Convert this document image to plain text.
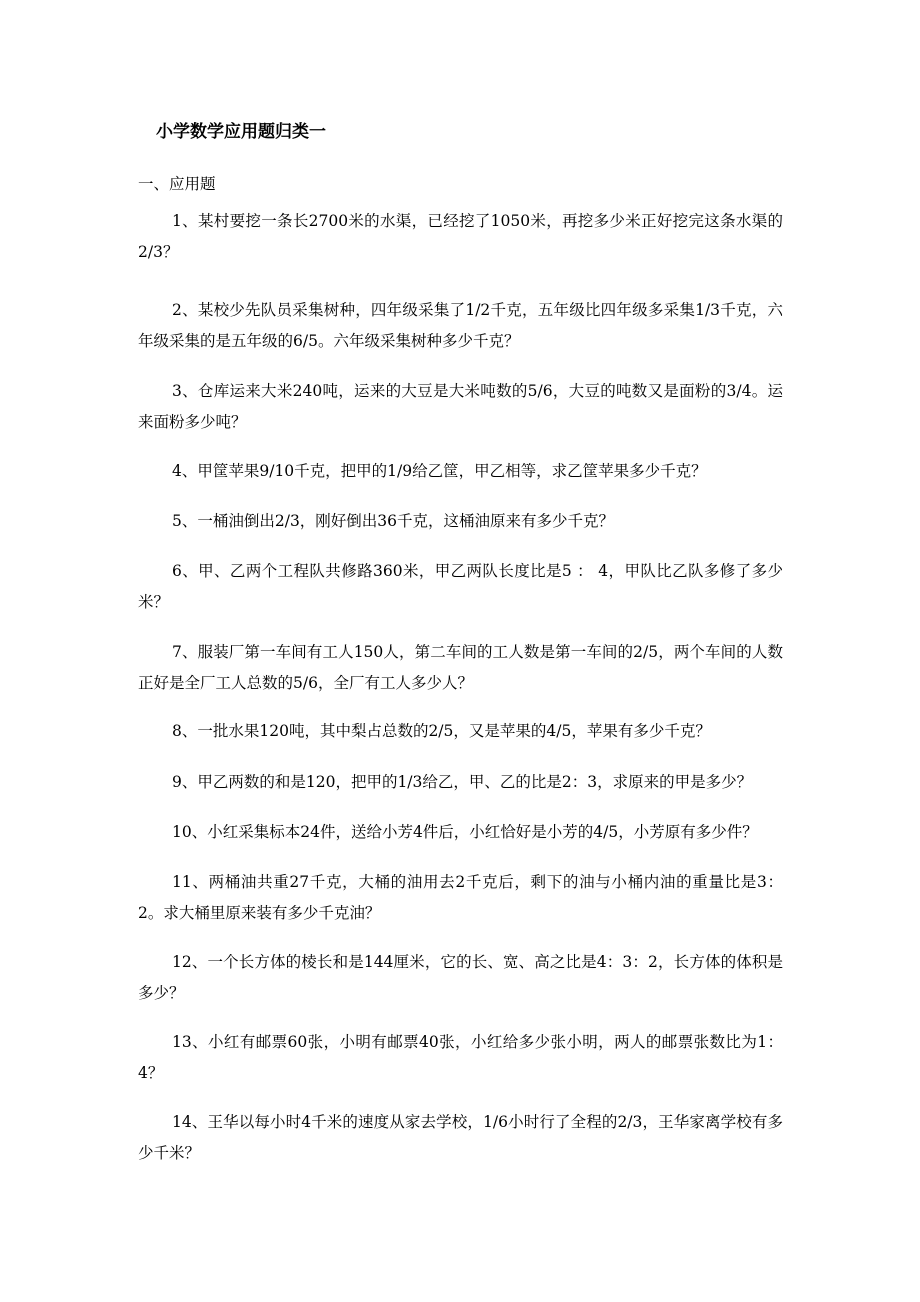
小学数学应用题归类一
一、应用题

1、某村要挖一条长2700米的水渠，已经挖了1050米，再挖多少米正好挖完这条水渠的2/3？

2、某校少先队员采集树种，四年级采集了1/2千克，五年级比四年级多采集1/3千克，六年级采集的是五年级的6/5。六年级采集树种多少千克？

3、仓库运来大米240吨，运来的大豆是大米吨数的5/6，大豆的吨数又是面粉的3/4。运来面粉多少吨？

4、甲筐苹果9/10千克，把甲的1/9给乙筐，甲乙相等，求乙筐苹果多少千克？

5、一桶油倒出2/3，刚好倒出36千克，这桶油原来有多少千克？

6、甲、乙两个工程队共修路360米，甲乙两队长度比是5 ： 4，甲队比乙队多修了多少米？

7、服装厂第一车间有工人150人，第二车间的工人数是第一车间的2/5，两个车间的人数正好是全厂工人总数的5/6，全厂有工人多少人？

8、一批水果120吨，其中梨占总数的2/5，又是苹果的4/5，苹果有多少千克？

9、甲乙两数的和是120，把甲的1/3给乙，甲、乙的比是2：3，求原来的甲是多少？

10、小红采集标本24件，送给小芳4件后，小红恰好是小芳的4/5，小芳原有多少件？

11、两桶油共重27千克，大桶的油用去2千克后，剩下的油与小桶内油的重量比是3：2。求大桶里原来装有多少千克油？

12、一个长方体的棱长和是144厘米，它的长、宽、高之比是4：3：2，长方体的体积是多少？

13、小红有邮票60张，小明有邮票40张，小红给多少张小明，两人的邮票张数比为1：4？

14、王华以每小时4千米的速度从家去学校，1/6小时行了全程的2/3，王华家离学校有多少千米？
